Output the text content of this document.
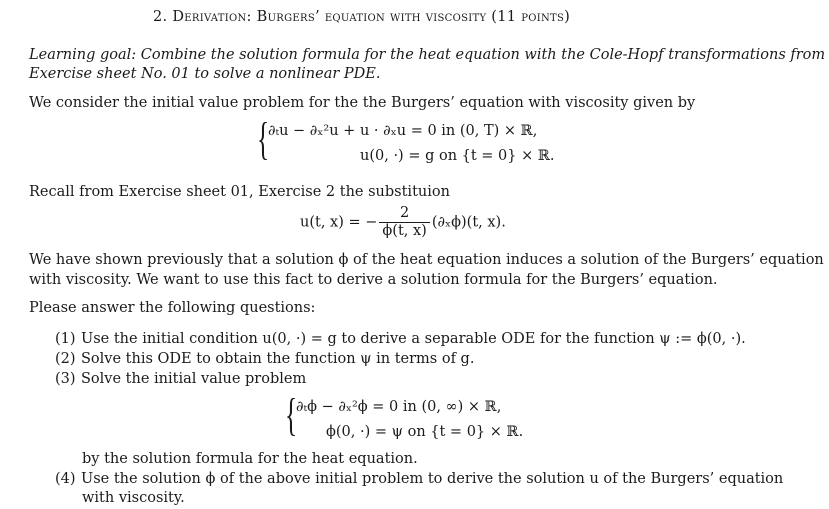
2. Derivation: Burgers’ equation with viscosity (11 points)
Learning goal: Combine the solution formula for the heat equation with the Cole-Hopf transformations from
Exercise sheet No. 01 to solve a nonlinear PDE.
We consider the initial value problem for the the Burgers’ equation with viscosity given by
{
∂ₜu − ∂ₓ²u + u · ∂ₓu = 0 in (0, T) × ℝ,
u(0, ·) = g on {t = 0} × ℝ.
Recall from Exercise sheet 01, Exercise 2 the substituion
u(t, x) = − $\frac{2}{\phi(t, x)} (\partial_x\phi)(t$, x).
We have shown previously that a solution ϕ of the heat equation induces a solution of the Burgers’ equation
with viscosity. We want to use this fact to derive a solution formula for the Burgers’ equation.
Please answer the following questions:
(1) Use the initial condition u(0, ·) = g to derive a separable ODE for the function ψ := ϕ(0, ·).
(2) Solve this ODE to obtain the function ψ in terms of g.
(3) Solve the initial value problem
{
∂ₜϕ − ∂ₓ²ϕ = 0 in (0, ∞) × ℝ,
ϕ(0, ·) = ψ on {t = 0} × ℝ.
by the solution formula for the heat equation.
(4) Use the solution ϕ of the above initial problem to derive the solution u of the Burgers’ equation
with viscosity.
